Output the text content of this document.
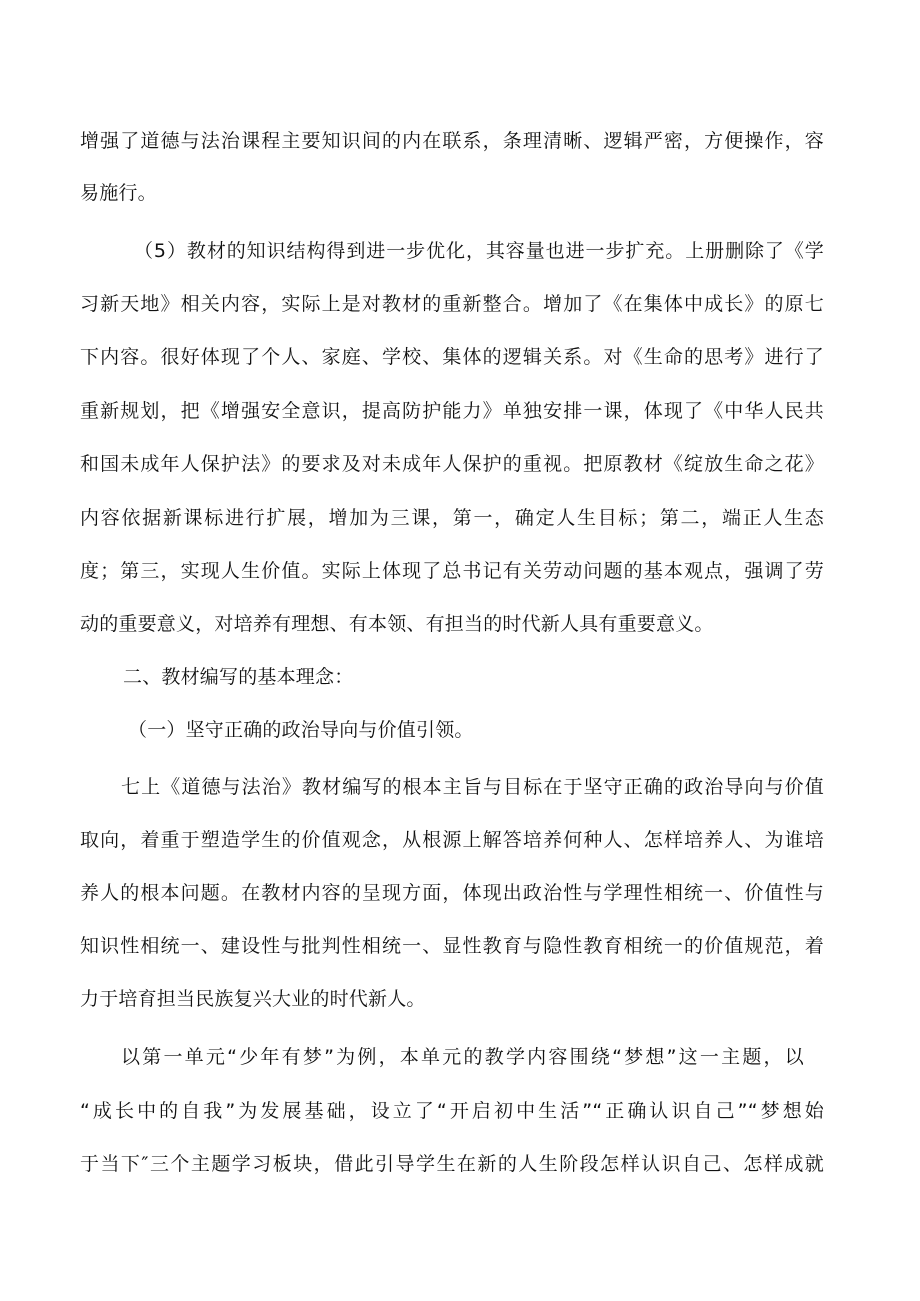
增强了道德与法治课程主要知识间的内在联系，条理清晰、逻辑严密，方便操作，容
易施行。
（5）教材的知识结构得到进一步优化，其容量也进一步扩充。上册删除了《学
习新天地》相关内容，实际上是对教材的重新整合。增加了《在集体中成长》的原七
下内容。很好体现了个人、家庭、学校、集体的逻辑关系。对《生命的思考》进行了
重新规划，把《增强安全意识，提高防护能力》单独安排一课，体现了《中华人民共
和国未成年人保护法》的要求及对未成年人保护的重视。把原教材《绽放生命之花》
内容依据新课标进行扩展，增加为三课，第一，确定人生目标；第二，端正人生态
度；第三，实现人生价值。实际上体现了总书记有关劳动问题的基本观点，强调了劳
动的重要意义，对培养有理想、有本领、有担当的时代新人具有重要意义。
二、教材编写的基本理念：
（一）坚守正确的政治导向与价值引领。
七上《道德与法治》教材编写的根本主旨与目标在于坚守正确的政治导向与价值
取向，着重于塑造学生的价值观念，从根源上解答培养何种人、怎样培养人、为谁培
养人的根本问题。在教材内容的呈现方面，体现出政治性与学理性相统一、价值性与
知识性相统一、建设性与批判性相统一、显性教育与隐性教育相统一的价值规范，着
力于培育担当民族复兴大业的时代新人。
以第一单元“少年有梦”为例，本单元的教学内容围绕“梦想”这一主题，以
“成长中的自我”为发展基础，设立了“开启初中生活”“正确认识自己”“梦想始
于当下″三个主题学习板块，借此引导学生在新的人生阶段怎样认识自己、怎样成就
